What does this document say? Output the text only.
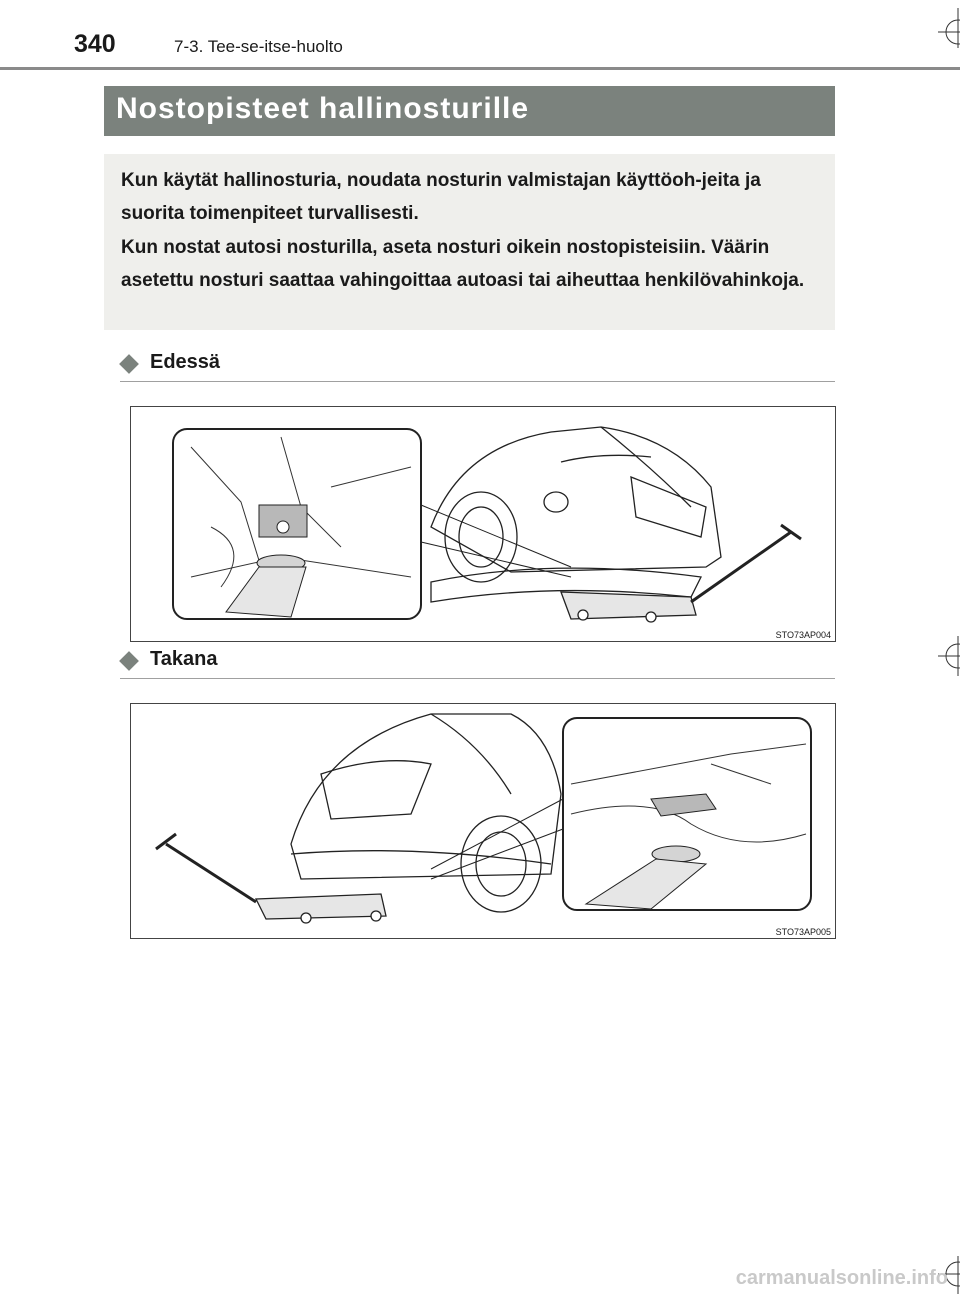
340	7-3. Tee-se-itse-huolto
Nostopisteet hallinosturille

Kun käytät hallinosturia, noudata nosturin valmistajan käyttöoh-jeita ja suorita toimenpiteet turvallisesti.

Kun nostat autosi nosturilla, aseta nosturi oikein nostopisteisiin. Väärin asetettu nosturi saattaa vahingoittaa autoasi tai aiheuttaa henkilövahinkoja.

Edessä
STO73AP004
Takana
STO73AP005
carmanualsonline.info
